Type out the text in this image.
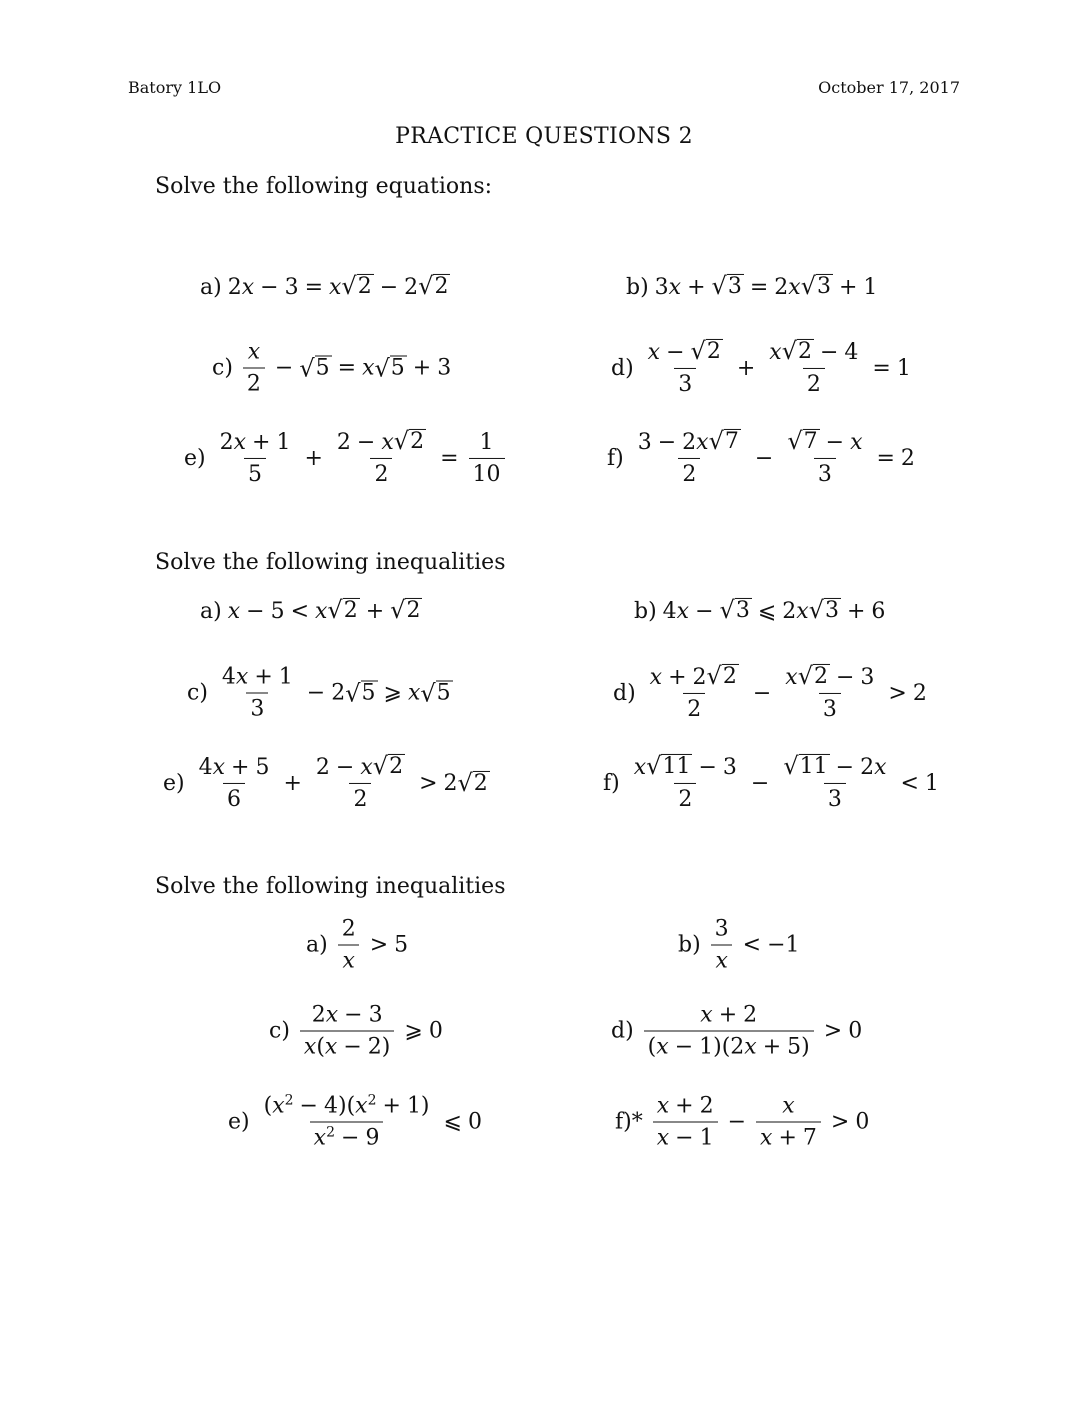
Batory 1LO	October 17, 2017
PRACTICE QUESTIONS 2
Solve the following equations:
a) 2x − 3 = x √ 2 − 2 √ 2	b) 3x + √ 3 = 2x √ 3 + 1
$c) \frac{x}{2}$ − √ 5 = x √ 5 + 3	$d) \frac{x - √ 2}{3} + \frac{x √ 2 - 4}{2} = 1$
$e) \frac{2x + 1}{5} + \frac{2 - x √ 2}{2} = \frac{1}{10}$	$f) \frac{3 - 2x √ 7}{2} - \frac{√ 7 - x}{3} = 2$
Solve the following inequalities
a) x − 5 < x √ 2 + √ 2	b) 4x − √ 3 ⩽ 2x √ 3 + 6
$c) \frac{4x + 1}{3} - 2$ √ 5 ⩾ x √ 5	$d) \frac{x + 2 √ 2}{2} - \frac{x √ 2 - 3}{3} > 2$
$e) \frac{4x + 5}{6} + \frac{2 - x √ 2}{2} > 2$ √ 2	$f) \frac{x √ 11 - 3}{2} - \frac{√ 11 - 2x}{3} < 1$
Solve the following inequalities
$a) \frac{2}{x} > 5$	$b) \frac{3}{x} < -1$
$c) \frac{2x - 3}{x(x - 2)}$ ⩾ 0	$d) \frac{x + 2}{(x - 1)(2x + 5)} > 0$
$e) \frac{(x^2 - 4)(x^2 + 1)}{x^2 - 9}$ ⩽ 0	$f)* \frac{x + 2}{x - 1} - \frac{x}{x + 7} > 0$
